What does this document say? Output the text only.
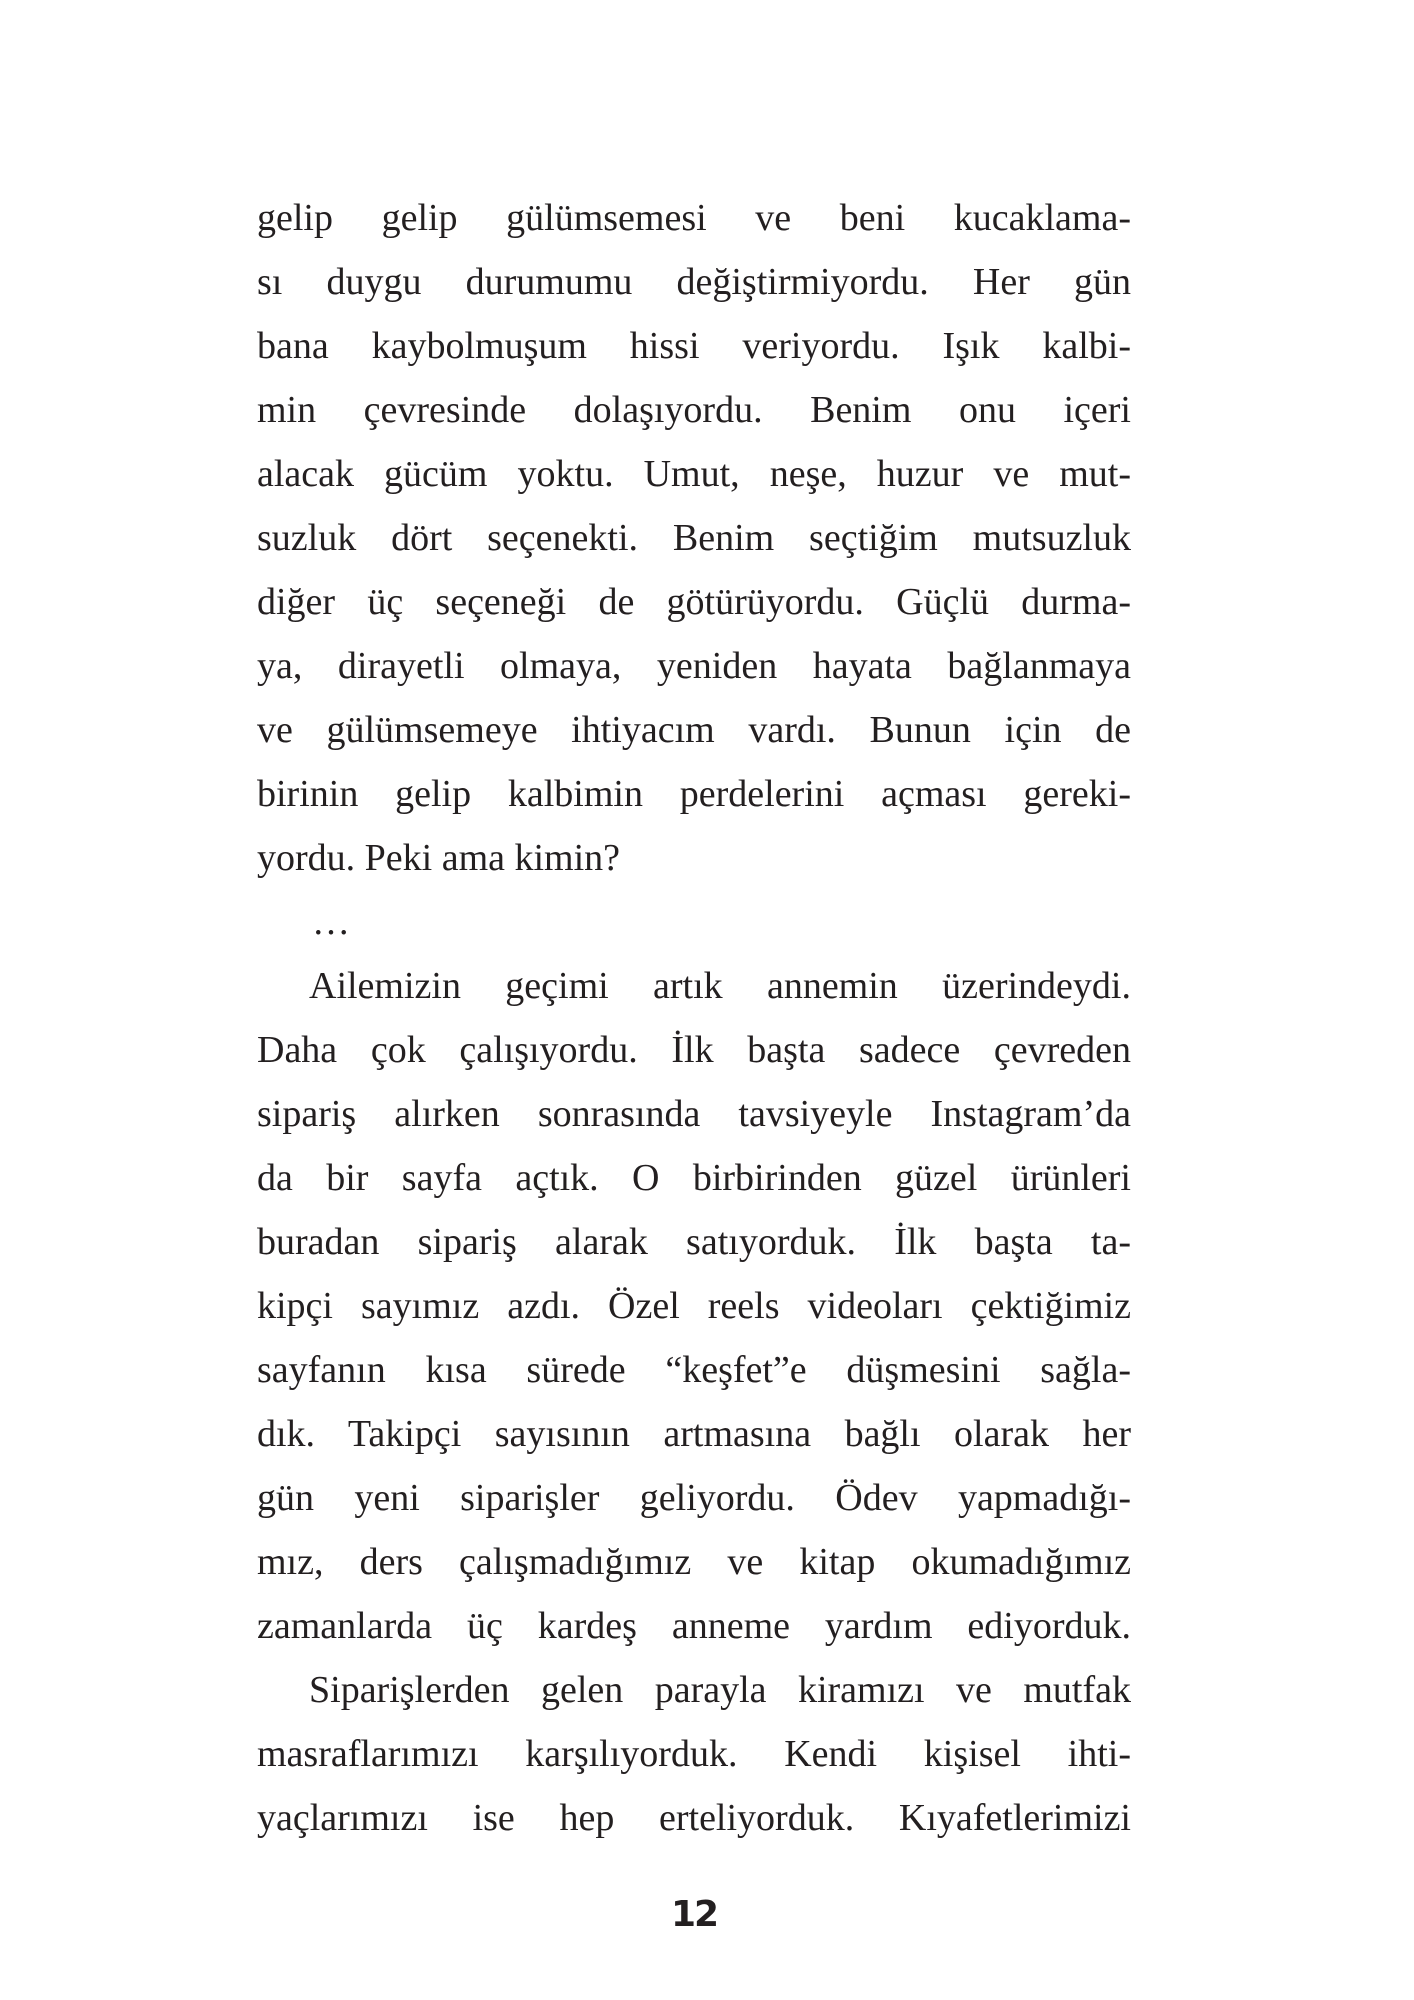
gelip gelip gülümsemesi ve beni kucaklama-
sı duygu durumumu değiştirmiyordu. Her gün
bana kaybolmuşum hissi veriyordu. Işık kalbi-
min çevresinde dolaşıyordu. Benim onu içeri
alacak gücüm yoktu. Umut, neşe, huzur ve mut-
suzluk dört seçenekti. Benim seçtiğim mutsuzluk
diğer üç seçeneği de götürüyordu. Güçlü durma-
ya, dirayetli olmaya, yeniden hayata bağlanmaya
ve gülümsemeye ihtiyacım vardı. Bunun için de
birinin gelip kalbimin perdelerini açması gereki-
yordu. Peki ama kimin?
…
Ailemizin geçimi artık annemin üzerindeydi.
Daha çok çalışıyordu. İlk başta sadece çevreden
sipariş alırken sonrasında tavsiyeyle Instagram’da
da bir sayfa açtık. O birbirinden güzel ürünleri
buradan sipariş alarak satıyorduk. İlk başta ta-
kipçi sayımız azdı. Özel reels videoları çektiğimiz
sayfanın kısa sürede “keşfet”e düşmesini sağla-
dık. Takipçi sayısının artmasına bağlı olarak her
gün yeni siparişler geliyordu. Ödev yapmadığı-
mız, ders çalışmadığımız ve kitap okumadığımız
zamanlarda üç kardeş anneme yardım ediyorduk.
Siparişlerden gelen parayla kiramızı ve mutfak
masraflarımızı karşılıyorduk. Kendi kişisel ihti-
yaçlarımızı ise hep erteliyorduk. Kıyafetlerimizi
12
